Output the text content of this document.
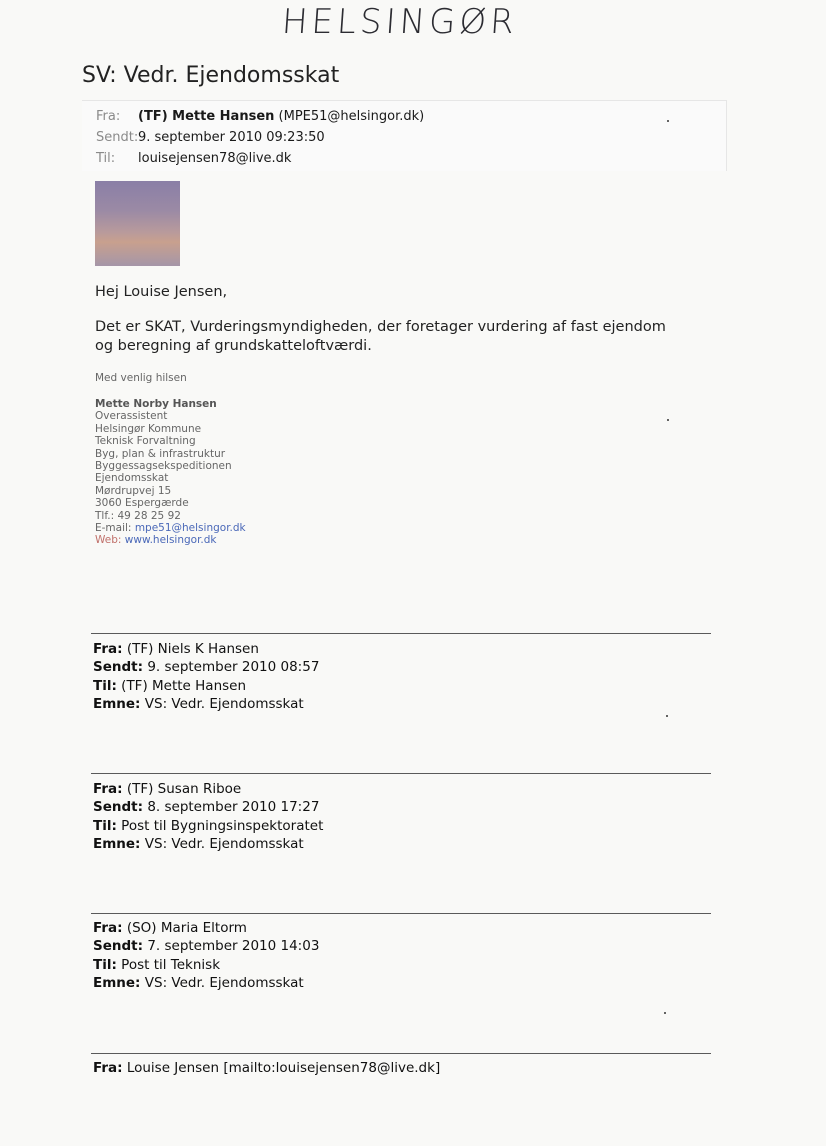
HELSINGØR
SV: Vedr. Ejendomsskat
Fra: (TF) Mette Hansen (MPE51@helsingor.dk)
Sendt:9. september 2010 09:23:50
Til: louisejensen78@live.dk
Hej Louise Jensen,
Det er SKAT, Vurderingsmyndigheden, der foretager vurdering af fast ejendom
og beregning af grundskatteloftværdi.
Med venlig hilsen
Mette Norby Hansen
Overassistent
Helsingør Kommune
Teknisk Forvaltning
Byg, plan & infrastruktur
Byggessagsekspeditionen
Ejendomsskat
Mørdrupvej 15
3060 Espergærde
Tlf.: 49 28 25 92
E-mail: mpe51@helsingor.dk
Web: www.helsingor.dk
Fra: (TF) Niels K Hansen
Sendt: 9. september 2010 08:57
Til: (TF) Mette Hansen
Emne: VS: Vedr. Ejendomsskat
Fra: (TF) Susan Riboe
Sendt: 8. september 2010 17:27
Til: Post til Bygningsinspektoratet
Emne: VS: Vedr. Ejendomsskat
Fra: (SO) Maria Eltorm
Sendt: 7. september 2010 14:03
Til: Post til Teknisk
Emne: VS: Vedr. Ejendomsskat
Fra: Louise Jensen [mailto:louisejensen78@live.dk]
